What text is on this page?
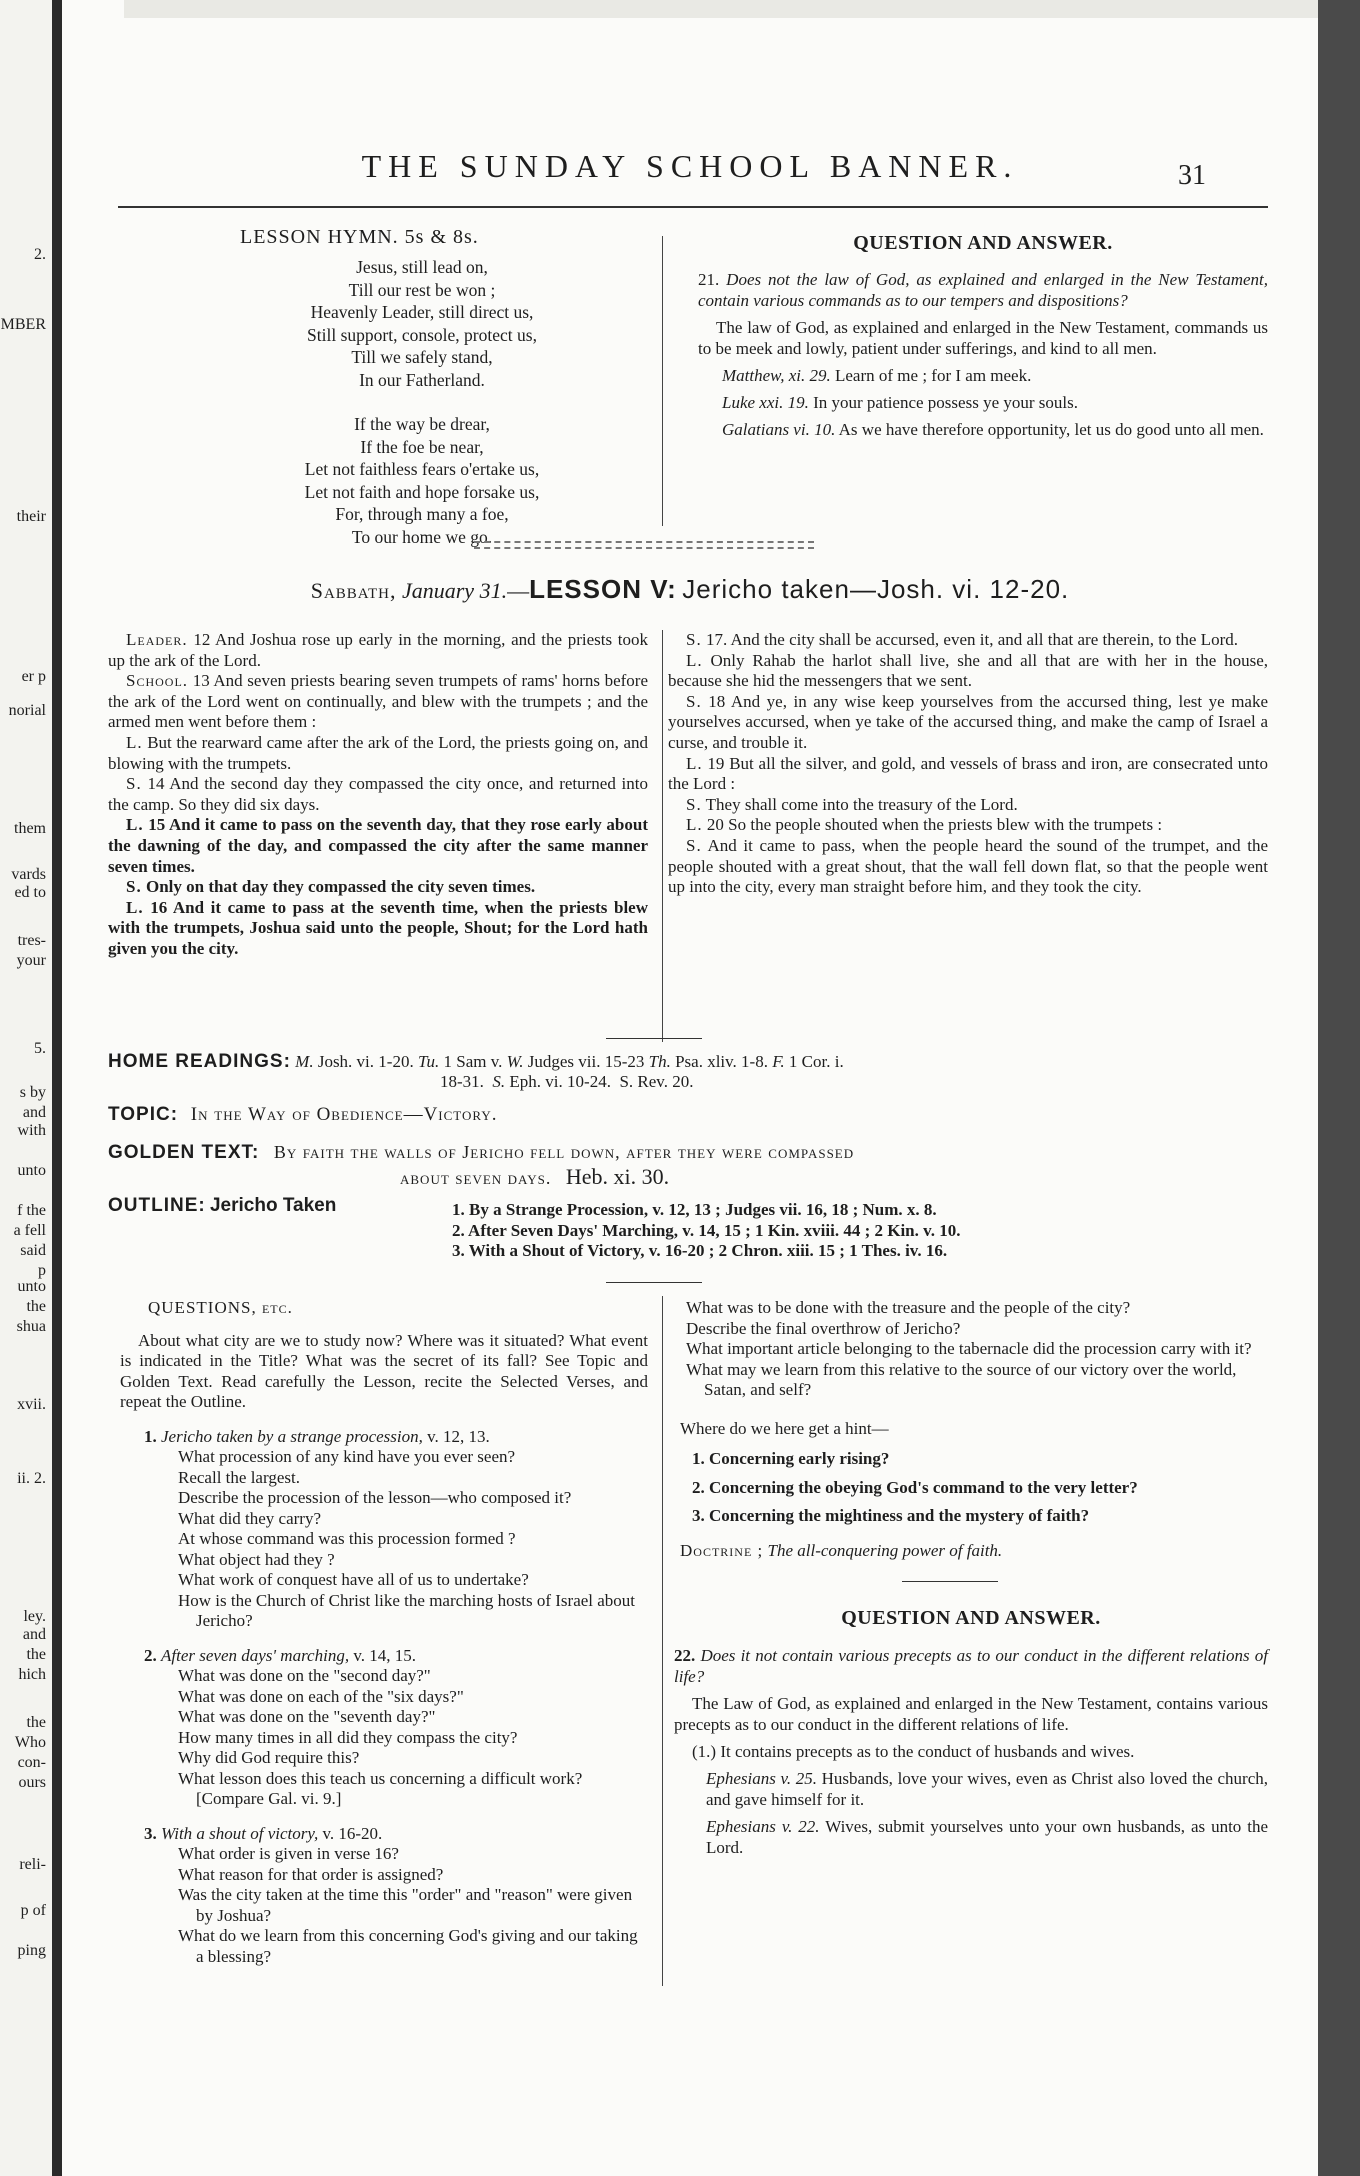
2.
MBER
their
er p
norial
them
vards
ed to
tres-
your
5.
s by
and
with
unto
f the
a fell
said
p
unto
the
shua
xvii.
ii. 2.
ley.
and
the
hich
the
Who
con-
ours
reli-
p of
ping
THE SUNDAY SCHOOL BANNER.	31
LESSON HYMN. 5s & 8s.
Jesus, still lead on,
Till our rest be won ;
Heavenly Leader, still direct us,
Still support, console, protect us,
Till we safely stand,
In our Fatherland.
If the way be drear,
If the foe be near,
Let not faithless fears o'ertake us,
Let not faith and hope forsake us,
For, through many a foe,
To our home we go.
QUESTION AND ANSWER.
21. Does not the law of God, as explained and enlarged in the New Testament, contain various commands as to our tempers and dispositions?
The law of God, as explained and enlarged in the New Testament, commands us to be meek and lowly, patient under sufferings, and kind to all men.
Matthew, xi. 29. Learn of me ; for I am meek.
Luke xxi. 19. In your patience possess ye your souls.
Galatians vi. 10. As we have therefore opportunity, let us do good unto all men.
Sabbath, January 31.—LESSON V: Jericho taken—Josh. vi. 12-20.

Leader. 12 And Joshua rose up early in the morning, and the priests took up the ark of the Lord.

School. 13 And seven priests bearing seven trumpets of rams' horns before the ark of the Lord went on continually, and blew with the trumpets ; and the armed men went before them :

L. But the rearward came after the ark of the Lord, the priests going on, and blowing with the trumpets.

S. 14 And the second day they compassed the city once, and returned into the camp. So they did six days.

L. 15 And it came to pass on the seventh day, that they rose early about the dawning of the day, and compassed the city after the same manner seven times.

S. Only on that day they compassed the city seven times.

L. 16 And it came to pass at the seventh time, when the priests blew with the trumpets, Joshua said unto the people, Shout; for the Lord hath given you the city.

S. 17. And the city shall be accursed, even it, and all that are therein, to the Lord.

L. Only Rahab the harlot shall live, she and all that are with her in the house, because she hid the messengers that we sent.

S. 18 And ye, in any wise keep yourselves from the accursed thing, lest ye make yourselves accursed, when ye take of the accursed thing, and make the camp of Israel a curse, and trouble it.

L. 19 But all the silver, and gold, and vessels of brass and iron, are consecrated unto the Lord :

S. They shall come into the treasury of the Lord.

L. 20 So the people shouted when the priests blew with the trumpets :

S. And it came to pass, when the people heard the sound of the trumpet, and the people shouted with a great shout, that the wall fell down flat, so that the people went up into the city, every man straight before him, and they took the city.

HOME READINGS: M. Josh. vi. 1-20. Tu. 1 Sam v. W. Judges vii. 15-23 Th. Psa. xliv. 1-8. F. 1 Cor. i.
18-31. S. Eph. vi. 10-24. S. Rev. 20.
TOPIC: In the Way of Obedience—Victory.
GOLDEN TEXT: By faith the walls of Jericho fell down, after they were compassed
about seven days. Heb. xi. 30.
OUTLINE: Jericho Taken	1. By a Strange Procession, v. 12, 13 ; Judges vii. 16, 18 ; Num. x. 8.
2. After Seven Days' Marching, v. 14, 15 ; 1 Kin. xviii. 44 ; 2 Kin. v. 10.
3. With a Shout of Victory, v. 16-20 ; 2 Chron. xiii. 15 ; 1 Thes. iv. 16.
QUESTIONS, etc.
About what city are we to study now? Where was it situated? What event is indicated in the Title? What was the secret of its fall? See Topic and Golden Text. Read carefully the Lesson, recite the Selected Verses, and repeat the Outline.
1. Jericho taken by a strange procession, v. 12, 13.
What procession of any kind have you ever seen?
Recall the largest.
Describe the procession of the lesson—who composed it?
What did they carry?
At whose command was this procession formed ?
What object had they ?
What work of conquest have all of us to undertake?
How is the Church of Christ like the marching hosts of Israel about Jericho?
2. After seven days' marching, v. 14, 15.
What was done on the "second day?"
What was done on each of the "six days?"
What was done on the "seventh day?"
How many times in all did they compass the city?
Why did God require this?
What lesson does this teach us concerning a difficult work? [Compare Gal. vi. 9.]
3. With a shout of victory, v. 16-20.
What order is given in verse 16?
What reason for that order is assigned?
Was the city taken at the time this "order" and "reason" were given by Joshua?
What do we learn from this concerning God's giving and our taking a blessing?
What was to be done with the treasure and the people of the city?
Describe the final overthrow of Jericho?
What important article belonging to the tabernacle did the procession carry with it?
What may we learn from this relative to the source of our victory over the world, Satan, and self?
Where do we here get a hint—
1. Concerning early rising?
2. Concerning the obeying God's command to the very letter?
3. Concerning the mightiness and the mystery of faith?
Doctrine ; The all-conquering power of faith.
QUESTION AND ANSWER.
22. Does it not contain various precepts as to our conduct in the different relations of life?
The Law of God, as explained and enlarged in the New Testament, contains various precepts as to our conduct in the different relations of life.
(1.) It contains precepts as to the conduct of husbands and wives.
Ephesians v. 25. Husbands, love your wives, even as Christ also loved the church, and gave himself for it.
Ephesians v. 22. Wives, submit yourselves unto your own husbands, as unto the Lord.
